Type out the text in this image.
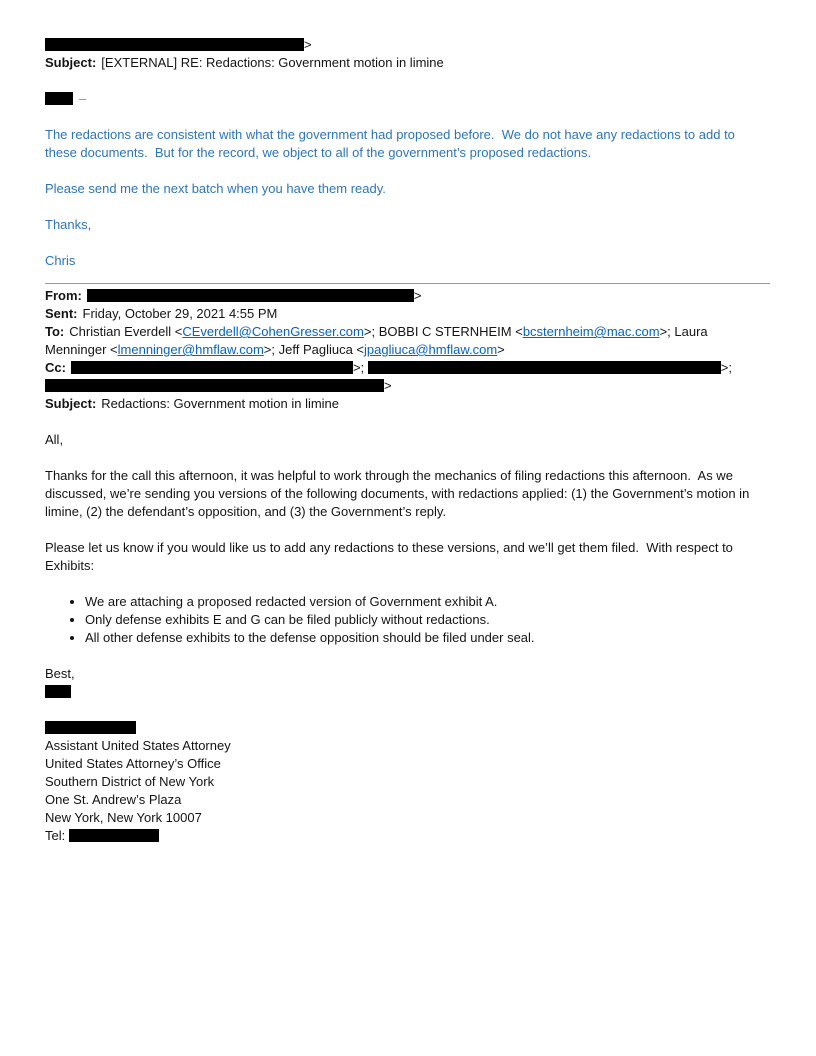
>
Subject: [EXTERNAL] RE: Redactions: Government motion in limine
–

The redactions are consistent with what the government had proposed before.  We do not have any redactions to add to these documents.  But for the record, we object to all of the government’s proposed redactions.

Please send me the next batch when you have them ready.

Thanks,

Chris

From:	>
Sent: Friday, October 29, 2021 4:55 PM
To: Christian Everdell <CEverdell@CohenGresser.com>; BOBBI C STERNHEIM <bcsternheim@mac.com>; Laura Menninger <lmenninger@hmflaw.com>; Jeff Pagliuca <jpagliuca@hmflaw.com>
Cc:	>;	>; >
Subject: Redactions: Government motion in limine

All,

Thanks for the call this afternoon, it was helpful to work through the mechanics of filing redactions this afternoon.  As we discussed, we’re sending you versions of the following documents, with redactions applied: (1) the Government’s motion in limine, (2) the defendant’s opposition, and (3) the Government’s reply.

Please let us know if you would like us to add any redactions to these versions, and we’ll get them filed.  With respect to Exhibits:

• We are attaching a proposed redacted version of Government exhibit A.
• Only defense exhibits E and G can be filed publicly without redactions.
• All other defense exhibits to the defense opposition should be filed under seal.
Best,
Assistant United States Attorney
United States Attorney’s Office
Southern District of New York
One St. Andrew’s Plaza
New York, New York 10007
Tel:
